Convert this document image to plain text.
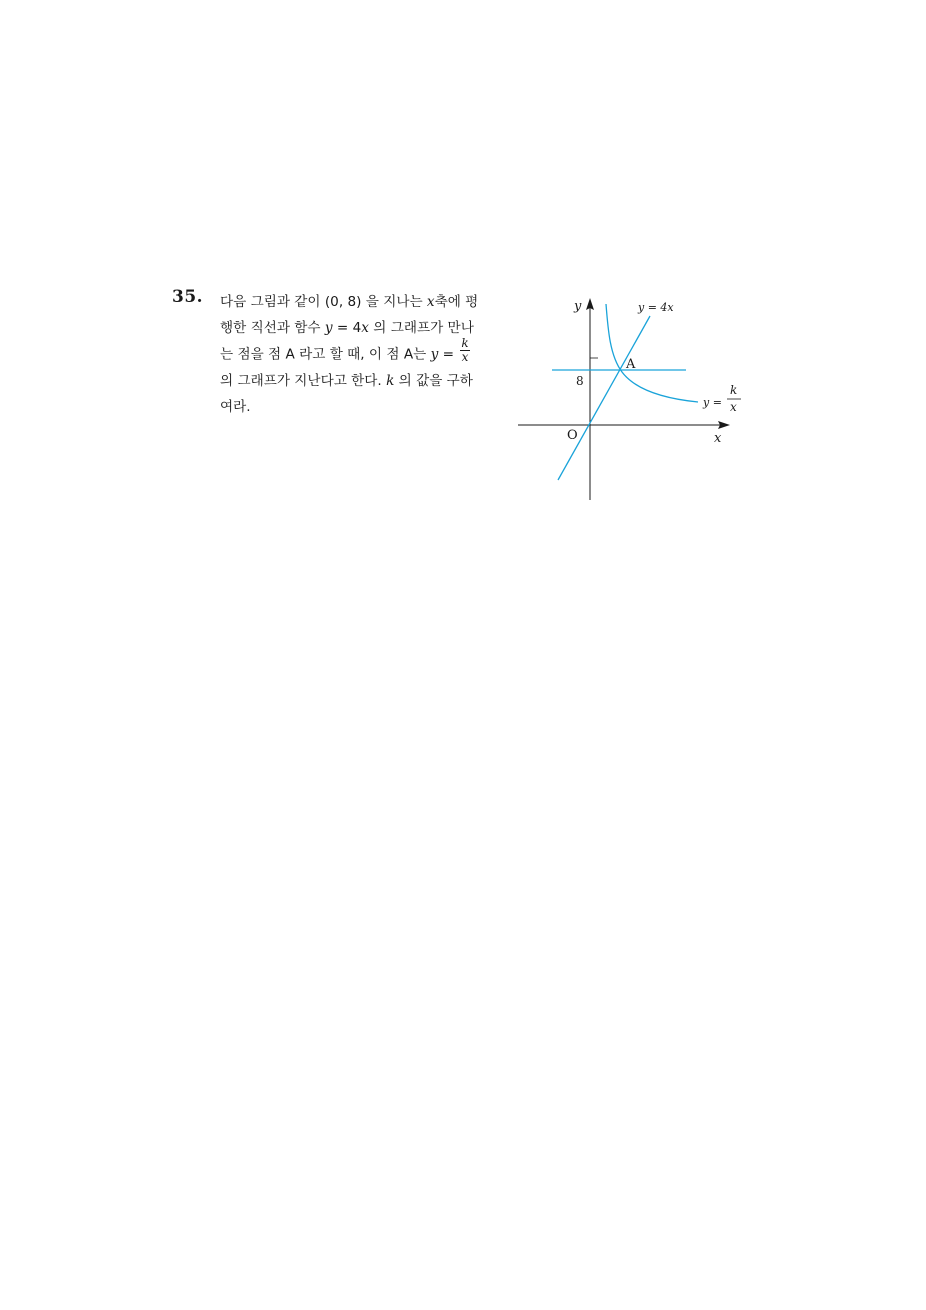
35. 다음 그림과 같이 (0, 8) 을 지나는 x축에 평
행한 직선과 함수 y = 4x 의 그래프가 만나
는 점을 점 A 라고 할 때, 이 점 A는 $y = \frac{k}{x}$
의 그래프가 지난다고 한다. k 의 값을 구하
여라.
y
x
O
8
A
y = 4x
y =
k
x
